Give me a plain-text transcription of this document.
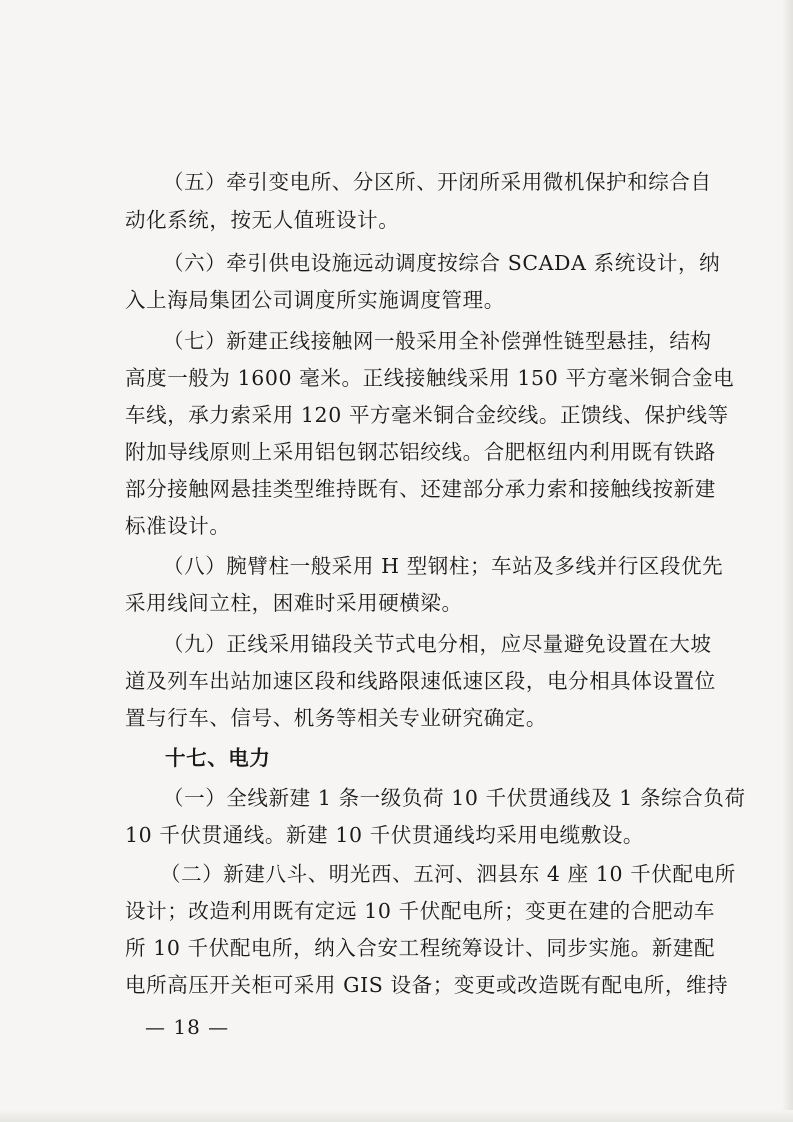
（五）牵引变电所、分区所、开闭所采用微机保护和综合自
动化系统，按无人值班设计。
（六）牵引供电设施远动调度按综合 SCADA 系统设计，纳
入上海局集团公司调度所实施调度管理。
（七）新建正线接触网一般采用全补偿弹性链型悬挂，结构
高度一般为 1600 毫米。正线接触线采用 150 平方毫米铜合金电
车线，承力索采用 120 平方毫米铜合金绞线。正馈线、保护线等
附加导线原则上采用铝包钢芯铝绞线。合肥枢纽内利用既有铁路
部分接触网悬挂类型维持既有、还建部分承力索和接触线按新建
标准设计。
（八）腕臂柱一般采用 H 型钢柱；车站及多线并行区段优先
采用线间立柱，困难时采用硬横梁。
（九）正线采用锚段关节式电分相，应尽量避免设置在大坡
道及列车出站加速区段和线路限速低速区段，电分相具体设置位
置与行车、信号、机务等相关专业研究确定。
十七、电力
（一）全线新建 1 条一级负荷 10 千伏贯通线及 1 条综合负荷
10 千伏贯通线。新建 10 千伏贯通线均采用电缆敷设。
（二）新建八斗、明光西、五河、泗县东 4 座 10 千伏配电所
设计；改造利用既有定远 10 千伏配电所；变更在建的合肥动车
所 10 千伏配电所，纳入合安工程统筹设计、同步实施。新建配
电所高压开关柜可采用 GIS 设备；变更或改造既有配电所，维持
— 18 —
